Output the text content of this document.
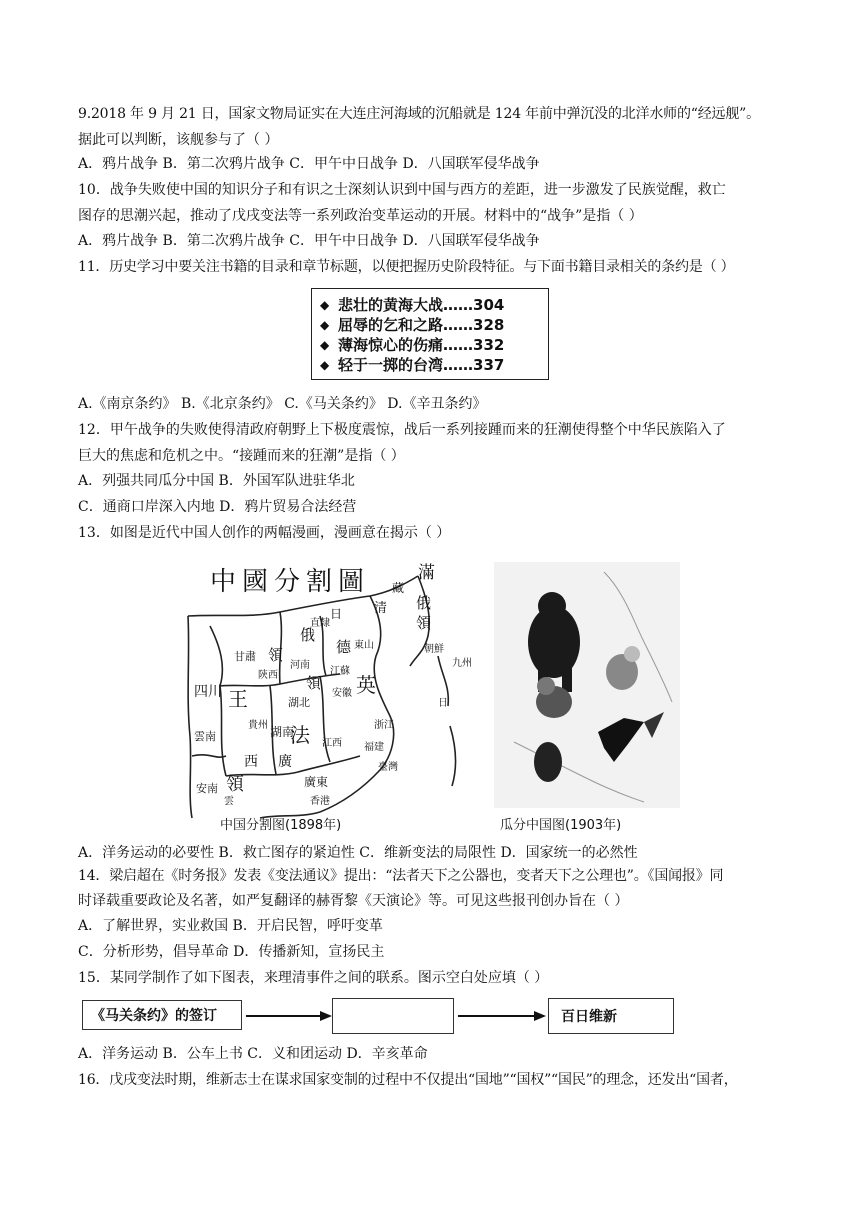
9.2018 年 9 月 21 日，国家文物局证实在大连庄河海域的沉船就是 124 年前中弹沉没的北洋水师的“经远舰”。
据此可以判断，该舰参与了（ ）
A．鸦片战争 B．第二次鸦片战争 C．甲午中日战争 D．八国联军侵华战争
10．战争失败使中国的知识分子和有识之士深刻认识到中国与西方的差距，进一步激发了民族觉醒，救亡
图存的思潮兴起，推动了戊戌变法等一系列政治变革运动的开展。材料中的“战争”是指（ ）
A．鸦片战争 B．第二次鸦片战争 C．甲午中日战争 D．八国联军侵华战争
11．历史学习中要关注书籍的目录和章节标题，以便把握历史阶段特征。与下面书籍目录相关的条约是（ ）
◆ 悲壮的黄海大战……304
◆ 屈辱的乞和之路……328
◆ 薄海惊心的伤痛……332
◆ 轻于一掷的台湾……337
A.《南京条约》 B.《北京条约》 C.《马关条约》 D.《辛丑条约》
12．甲午战争的失败使得清政府朝野上下极度震惊，战后一系列接踵而来的狂潮使得整个中华民族陷入了
巨大的焦虑和危机之中。“接踵而来的狂潮”是指（ ）
A．列强共同瓜分中国 B．外国军队进驻华北
C．通商口岸深入内地 D．鸦片贸易合法经营
13．如图是近代中国人创作的两幅漫画，漫画意在揭示（ ）
中國分割圖	滿
俄
領
俄
領
直隸
日
德 東山
甘肅
陝西
河南
領
江蘇
英
安徽
湖北
四川 王
浙江
福建
貴州 湖南
法 江西
雲南
西 廣
廣東
安南 領
香港
九州
臺灣
朝鮮
清
藏
日
雲
中国分割图(1898年)	瓜分中国图(1903年)
A．洋务运动的必要性 B．救亡图存的紧迫性 C．维新变法的局限性 D．国家统一的必然性
14．梁启超在《时务报》发表《变法通议》提出：“法者天下之公器也，变者天下之公理也”。《国闻报》同
时译载重要政论及名著，如严复翻译的赫胥黎《天演论》等。可见这些报刊创办旨在（ ）
A．了解世界，实业救国 B．开启民智，呼吁变革
C．分析形势，倡导革命 D．传播新知，宣扬民主
15．某同学制作了如下图表，来理清事件之间的联系。图示空白处应填（ ）
《马关条约》的签订	百日维新
A．洋务运动 B．公车上书 C．义和团运动 D．辛亥革命
16．戊戌变法时期，维新志士在谋求国家变制的过程中不仅提出“国地”“国权”“国民”的理念，还发出“国者，
